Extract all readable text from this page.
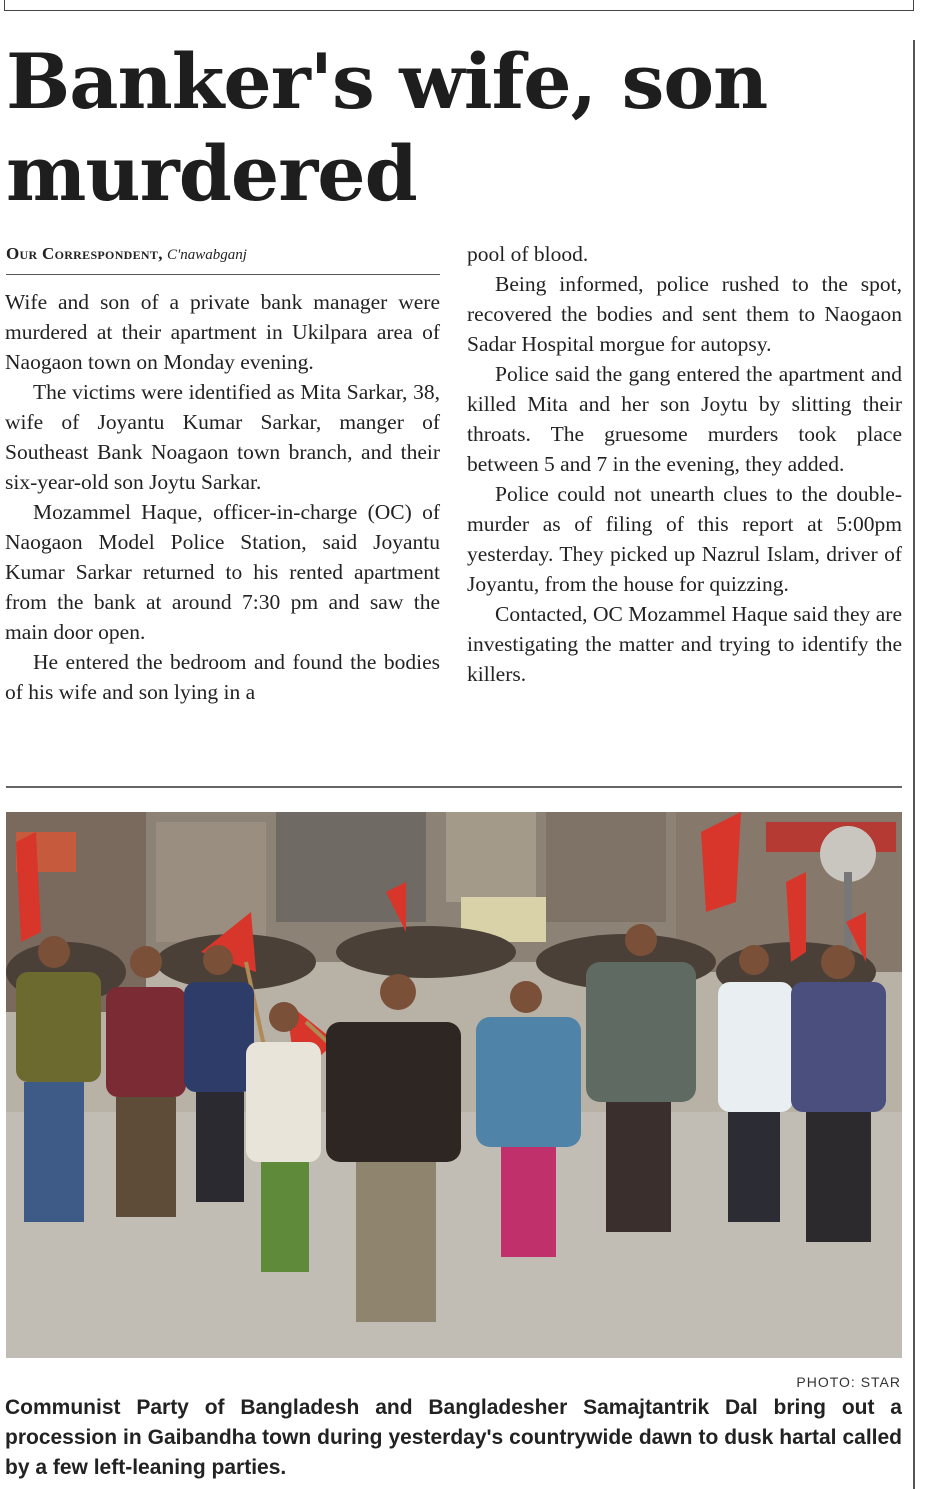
Banker's wife, son murdered
Our Correspondent, C'nawabganj

Wife and son of a private bank manager were murdered at their apartment in Ukilpara area of Naogaon town on Monday evening.

The victims were identified as Mita Sarkar, 38, wife of Joyantu Kumar Sarkar, manger of Southeast Bank Noagaon town branch, and their six-year-old son Joytu Sarkar.

Mozammel Haque, officer-in-charge (OC) of Naogaon Model Police Station, said Joyantu Kumar Sarkar returned to his rented apartment from the bank at around 7:30 pm and saw the main door open.

He entered the bedroom and found the bodies of his wife and son lying in a

pool of blood.

Being informed, police rushed to the spot, recovered the bodies and sent them to Naogaon Sadar Hospital morgue for autopsy.

Police said the gang entered the apartment and killed Mita and her son Joytu by slitting their throats. The gruesome murders took place between 5 and 7 in the evening, they added.

Police could not unearth clues to the double-murder as of filing of this report at 5:00pm yesterday. They picked up Nazrul Islam, driver of Joyantu, from the house for quizzing.

Contacted, OC Mozammel Haque said they are investigating the matter and trying to identify the killers.

PHOTO: STAR
Communist Party of Bangladesh and Bangladesher Samajtantrik Dal bring out a procession in Gaibandha town during yesterday's countrywide dawn to dusk hartal called by a few left-leaning parties.
